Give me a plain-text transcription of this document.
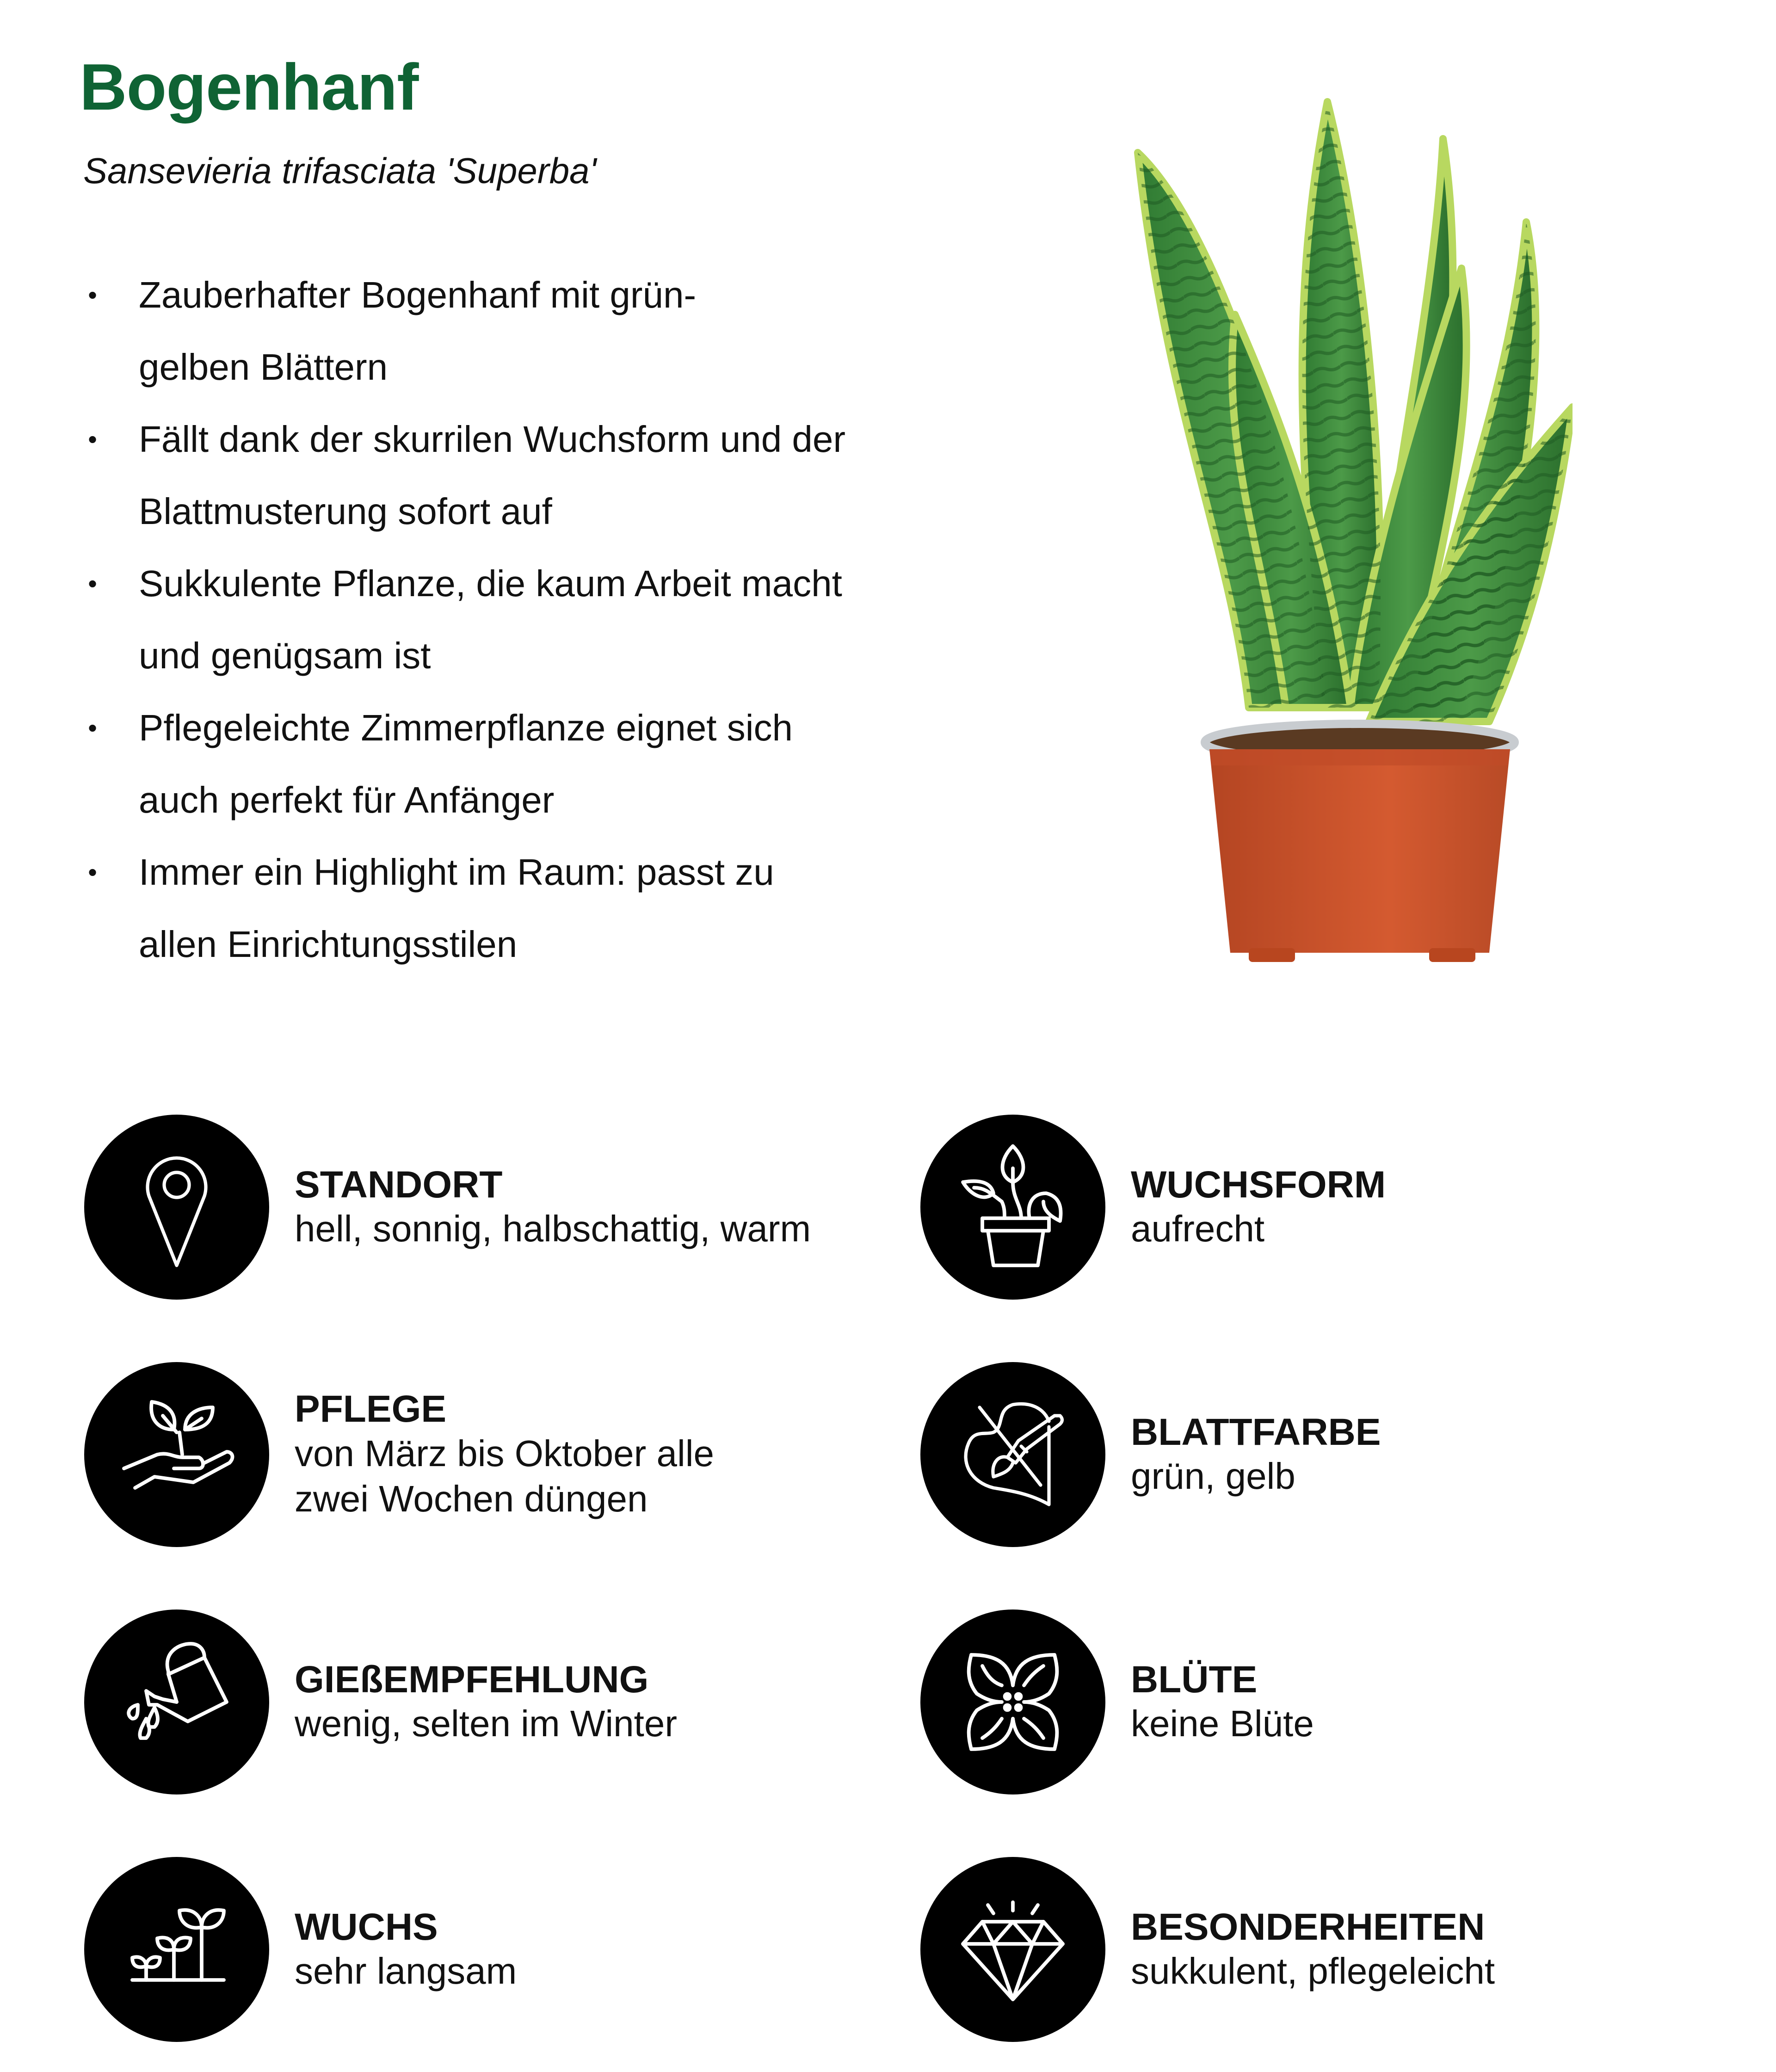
Bogenhanf
Sansevieria trifasciata 'Superba'
• Zauberhafter Bogenhanf mit grün-
gelben Blättern
• Fällt dank der skurrilen Wuchsform und der
Blattmusterung sofort auf
• Sukkulente Pflanze, die kaum Arbeit macht
und genügsam ist
• Pflegeleichte Zimmerpflanze eignet sich
auch perfekt für Anfänger
• Immer ein Highlight im Raum: passt zu
allen Einrichtungsstilen
STANDORT
hell, sonnig, halbschattig, warm
WUCHSFORM
aufrecht
PFLEGE
von März bis Oktober alle
zwei Wochen düngen
BLATTFARBE
grün, gelb
GIEßEMPFEHLUNG
wenig, selten im Winter
BLÜTE
keine Blüte
WUCHS
sehr langsam
BESONDERHEITEN
sukkulent, pflegeleicht
